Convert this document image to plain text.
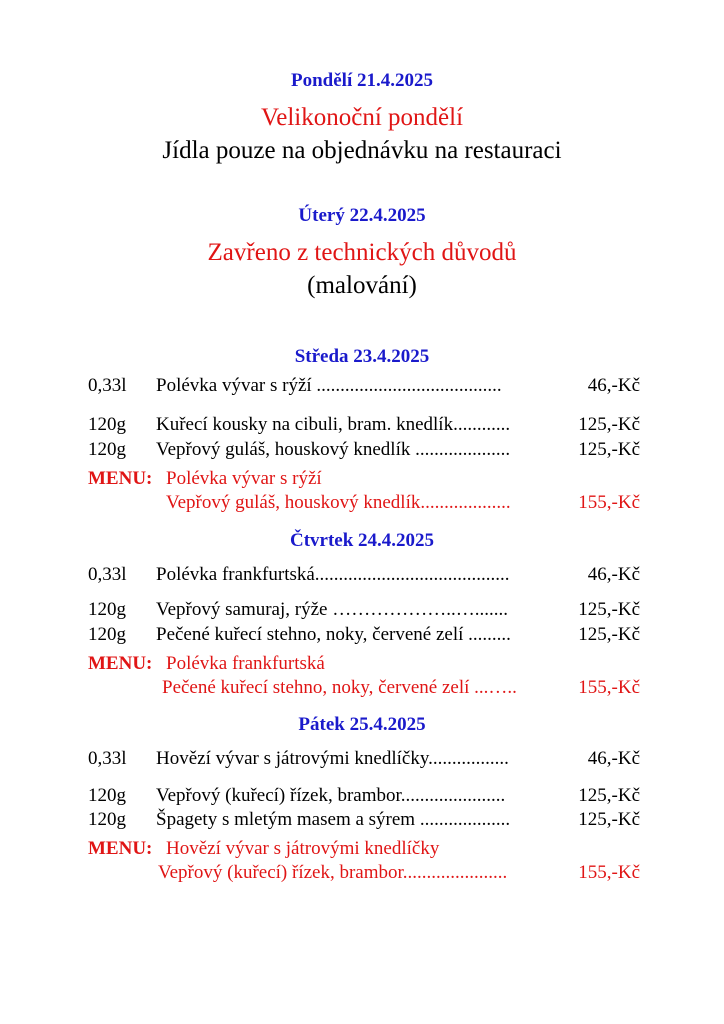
Pondělí 21.4.2025
Velikonoční pondělí
Jídla pouze na objednávku na restauraci
Úterý 22.4.2025
Zavřeno z technických důvodů
(malování)
Středa 23.4.2025
0,33l Polévka vývar s rýží .......................................	46,-Kč
120g Kuřecí kousky na cibuli, bram. knedlík............	125,-Kč
120g Vepřový guláš, houskový knedlík ....................	125,-Kč
MENU: Polévka vývar s rýží
Vepřový guláš, houskový knedlík...................	155,-Kč
Čtvrtek 24.4.2025
0,33l Polévka frankfurtská.........................................	46,-Kč
120g Vepřový samuraj, rýže ………………..….......	125,-Kč
120g Pečené kuřecí stehno, noky, červené zelí .........	125,-Kč
MENU: Polévka frankfurtská
Pečené kuřecí stehno, noky, červené zelí ...…..	155,-Kč
Pátek 25.4.2025
0,33l Hovězí vývar s játrovými knedlíčky.................	46,-Kč
120g Vepřový (kuřecí) řízek, brambor......................	125,-Kč
120g Špagety s mletým masem a sýrem ...................	125,-Kč
MENU: Hovězí vývar s játrovými knedlíčky
Vepřový (kuřecí) řízek, brambor......................	155,-Kč
